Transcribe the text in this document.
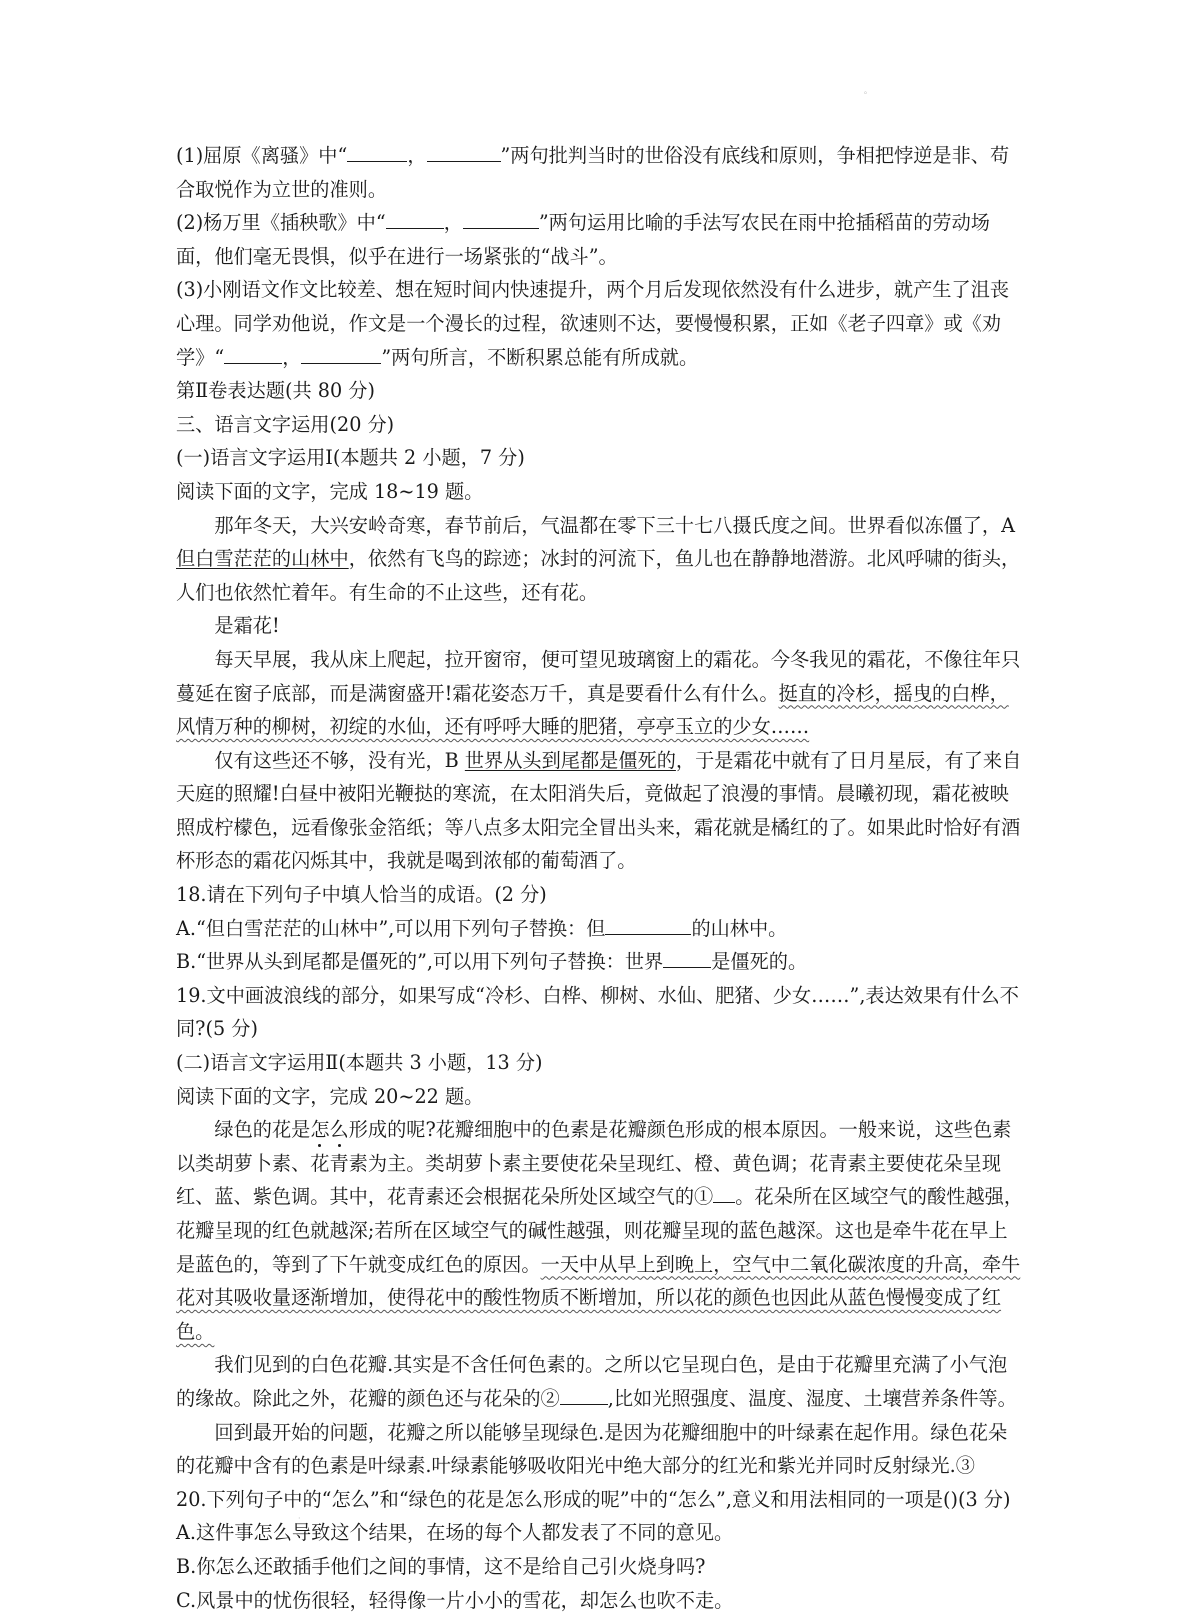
。

(1)屈原《离骚》中“	，	”两句批判当时的世俗没有底线和原则，争相把悖逆是非、苟合取悦作为立世的准则。

(2)杨万里《插秧歌》中“	，	”两句运用比喻的手法写农民在雨中抢插稻苗的劳动场面，他们毫无畏惧，似乎在进行一场紧张的“战斗”。

(3)小刚语文作文比较差、想在短时间内快速提升，两个月后发现依然没有什么进步，就产生了沮丧心理。同学劝他说，作文是一个漫长的过程，欲速则不达，要慢慢积累，正如《老子四章》或《劝学》“	，	”两句所言，不断积累总能有所成就。

第Ⅱ卷表达题(共 80 分)

三、语言文字运用(20 分)

(一)语言文字运用Ⅰ(本题共 2 小题，7 分)

阅读下面的文字，完成 18~19 题。

那年冬天，大兴安岭奇寒，春节前后，气温都在零下三十七八摄氏度之间。世界看似冻僵了，A 但白雪茫茫的山林中，依然有飞鸟的踪迹；冰封的河流下，鱼儿也在静静地潜游。北风呼啸的街头，人们也依然忙着年。有生命的不止这些，还有花。

是霜花!

每天早展，我从床上爬起，拉开窗帘，便可望见玻璃窗上的霜花。今冬我见的霜花，不像往年只蔓延在窗子底部，而是满窗盛开!霜花姿态万千，真是要看什么有什么。挺直的冷杉，摇曳的白桦，风情万种的柳树，初绽的水仙，还有呼呼大睡的肥猪，亭亭玉立的少女……

仅有这些还不够，没有光，B 世界从头到尾都是僵死的，于是霜花中就有了日月星辰，有了来自天庭的照耀!白昼中被阳光鞭挞的寒流，在太阳消失后，竟做起了浪漫的事情。晨曦初现，霜花被映照成柠檬色，远看像张金箔纸；等八点多太阳完全冒出头来，霜花就是橘红的了。如果此时恰好有酒杯形态的霜花闪烁其中，我就是喝到浓郁的葡萄酒了。

18.请在下列句子中填人恰当的成语。(2 分)

A.“但白雪茫茫的山林中”,可以用下列句子替换：但	的山林中。

B.“世界从头到尾都是僵死的”,可以用下列句子替换：世界	是僵死的。

19.文中画波浪线的部分，如果写成“冷杉、白桦、柳树、水仙、肥猪、少女……”,表达效果有什么不同?(5 分)

(二)语言文字运用Ⅱ(本题共 3 小题，13 分)

阅读下面的文字，完成 20~22 题。

绿色的花是怎么形成的呢?花瓣细胞中的色素是花瓣颜色形成的根本原因。一般来说，这些色素以类胡萝卜素、花青素为主。类胡萝卜素主要使花朵呈现红、橙、黄色调；花青素主要使花朵呈现红、蓝、紫色调。其中，花青素还会根据花朵所处区域空气的① 。花朵所在区域空气的酸性越强，花瓣呈现的红色就越深;若所在区域空气的碱性越强，则花瓣呈现的蓝色越深。这也是牵牛花在早上是蓝色的，等到了下午就变成红色的原因。一天中从早上到晚上，空气中二氧化碳浓度的升高，牵牛花对其吸收量逐渐增加，使得花中的酸性物质不断增加，所以花的颜色也因此从蓝色慢慢变成了红色。

我们见到的白色花瓣.其实是不含任何色素的。之所以它呈现白色，是由于花瓣里充满了小气泡的缘故。除此之外，花瓣的颜色还与花朵的②	,比如光照强度、温度、湿度、土壤营养条件等。

回到最开始的问题，花瓣之所以能够呈现绿色.是因为花瓣细胞中的叶绿素在起作用。绿色花朵的花瓣中含有的色素是叶绿素.叶绿素能够吸收阳光中绝大部分的红光和紫光并同时反射绿光.③

20.下列句子中的“怎么”和“绿色的花是怎么形成的呢”中的“怎么”,意义和用法相同的一项是()(3 分)

A.这件事怎么导致这个结果，在场的每个人都发表了不同的意见。

B.你怎么还敢插手他们之间的事情，这不是给自己引火烧身吗?

C.风景中的忧伤很轻，轻得像一片小小的雪花，却怎么也吹不走。

·
